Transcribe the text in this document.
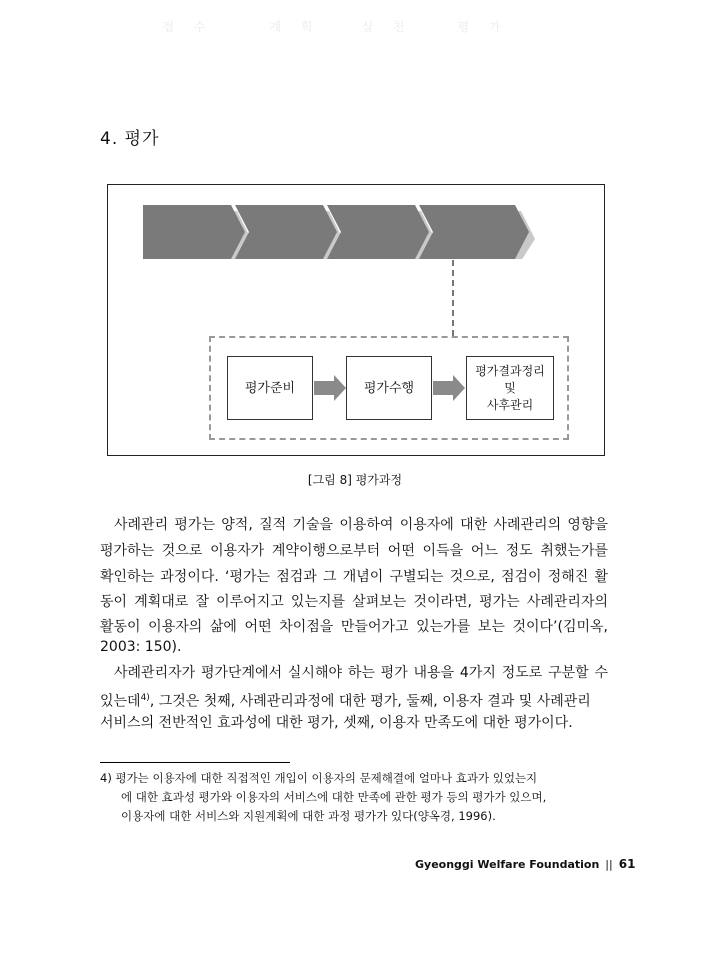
4. 평가
접 수	계 획	실 천	평 가
평가준비	평가수행
평가결과정리
및
사후관리
[그림 8] 평가과정
사례관리 평가는 양적, 질적 기술을 이용하여 이용자에 대한 사례관리의 영향을
평가하는 것으로 이용자가 계약이행으로부터 어떤 이득을 어느 정도 취했는가를
확인하는 과정이다. ‘평가는 점검과 그 개념이 구별되는 것으로, 점검이 정해진 활
동이 계획대로 잘 이루어지고 있는지를 살펴보는 것이라면, 평가는 사례관리자의
활동이 이용자의 삶에 어떤 차이점을 만들어가고 있는가를 보는 것이다’(김미옥,
2003: 150).
사례관리자가 평가단계에서 실시해야 하는 평가 내용을 4가지 정도로 구분할 수
있는데$^{4)}$, 그것은 첫째, 사례관리과정에 대한 평가, 둘째, 이용자 결과 및 사례관리
서비스의 전반적인 효과성에 대한 평가, 셋째, 이용자 만족도에 대한 평가이다.
4) 평가는 이용자에 대한 직접적인 개입이 이용자의 문제해결에 얼마나 효과가 있었는지
에 대한 효과성 평가와 이용자의 서비스에 대한 만족에 관한 평가 등의 평가가 있으며,
이용자에 대한 서비스와 지원계획에 대한 과정 평가가 있다(양옥경, 1996).
Gyeonggi Welfare Foundation || 61
